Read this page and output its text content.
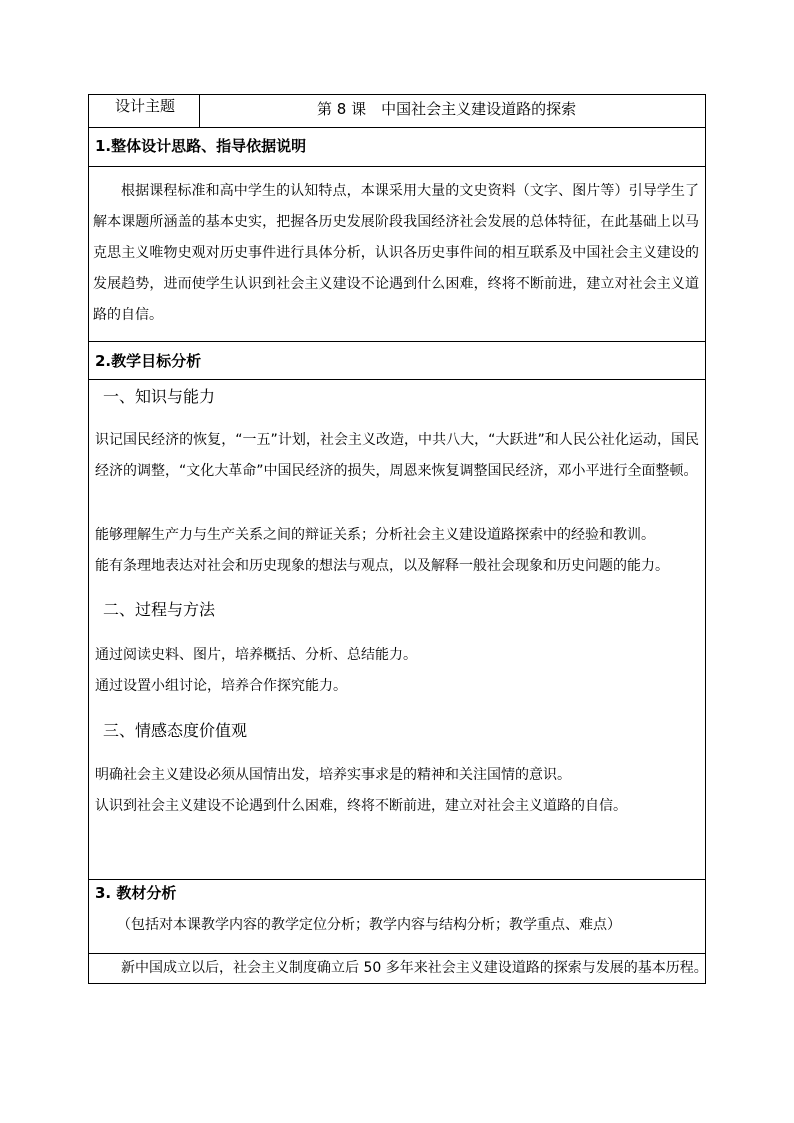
设计主题	第 8 课　中国社会主义建设道路的探索
1.整体设计思路、指导依据说明

根据课程标准和高中学生的认知特点，本课采用大量的文史资料（文字、图片等）引导学生了解本课题所涵盖的基本史实，把握各历史发展阶段我国经济社会发展的总体特征，在此基础上以马克思主义唯物史观对历史事件进行具体分析，认识各历史事件间的相互联系及中国社会主义建设的发展趋势，进而使学生认识到社会主义建设不论遇到什么困难，终将不断前进，建立对社会主义道路的自信。

2.教学目标分析
一、知识与能力

识记国民经济的恢复，“一五”计划，社会主义改造，中共八大，“大跃进”和人民公社化运动，国民经济的调整，“文化大革命”中国民经济的损失，周恩来恢复调整国民经济，邓小平进行全面整顿。

能够理解生产力与生产关系之间的辩证关系；分析社会主义建设道路探索中的经验和教训。
能有条理地表达对社会和历史现象的想法与观点，以及解释一般社会现象和历史问题的能力。
二、过程与方法
通过阅读史料、图片，培养概括、分析、总结能力。
通过设置小组讨论，培养合作探究能力。
三、情感态度价值观
明确社会主义建设必须从国情出发，培养实事求是的精神和关注国情的意识。
认识到社会主义建设不论遇到什么困难，终将不断前进，建立对社会主义道路的自信。
3. 教材分析
（包括对本课教学内容的教学定位分析；教学内容与结构分析；教学重点、难点）
新中国成立以后，社会主义制度确立后 50 多年来社会主义建设道路的探索与发展的基本历程。
